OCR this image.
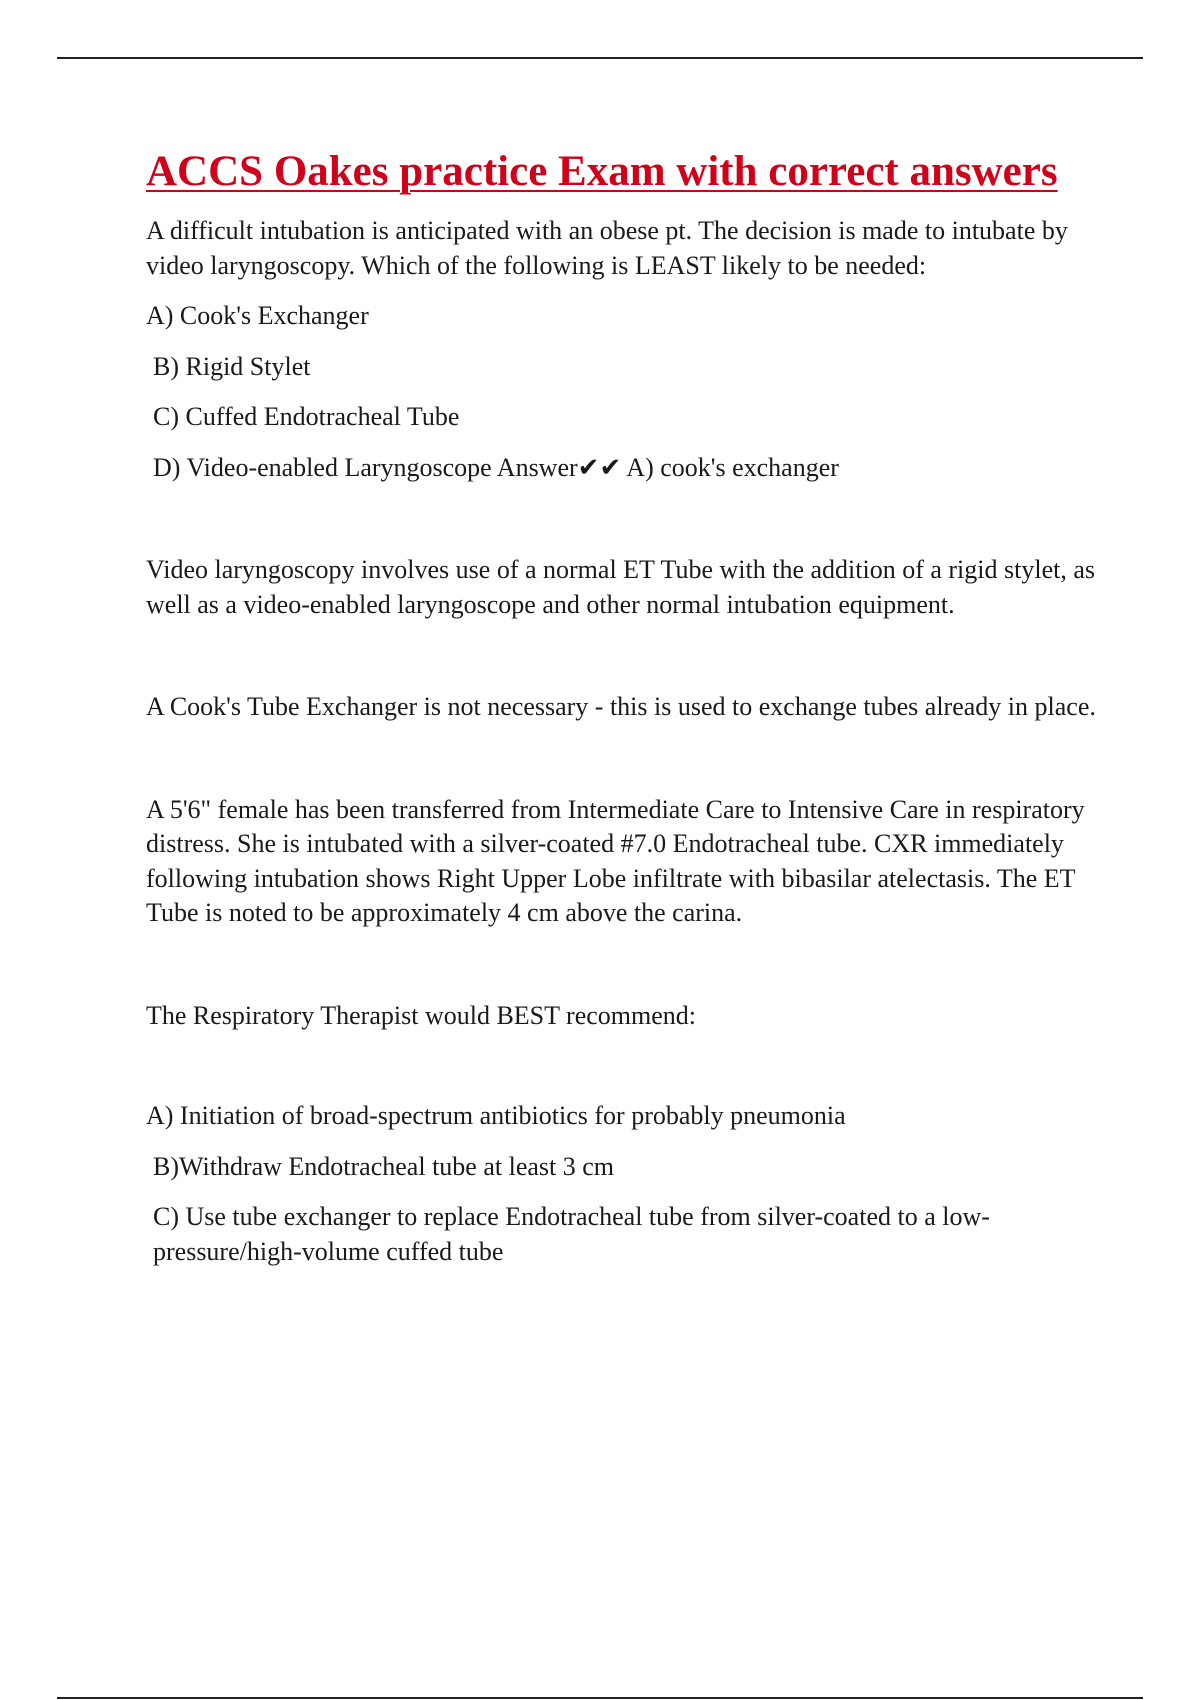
ACCS Oakes practice Exam with correct answers

A difficult intubation is anticipated with an obese pt. The decision is made to intubate by video laryngoscopy. Which of the following is LEAST likely to be needed:

A) Cook's Exchanger

B) Rigid Stylet

C) Cuffed Endotracheal Tube

D) Video-enabled Laryngoscope Answer✔✔ A) cook's exchanger

Video laryngoscopy involves use of a normal ET Tube with the addition of a rigid stylet, as well as a video-enabled laryngoscope and other normal intubation equipment.

A Cook's Tube Exchanger is not necessary - this is used to exchange tubes already in place.

A 5'6" female has been transferred from Intermediate Care to Intensive Care in respiratory distress. She is intubated with a silver-coated #7.0 Endotracheal tube. CXR immediately following intubation shows Right Upper Lobe infiltrate with bibasilar atelectasis. The ET Tube is noted to be approximately 4 cm above the carina.

The Respiratory Therapist would BEST recommend:

A) Initiation of broad-spectrum antibiotics for probably pneumonia

B)Withdraw Endotracheal tube at least 3 cm

C) Use tube exchanger to replace Endotracheal tube from silver-coated to a low-pressure/high-volume cuffed tube
